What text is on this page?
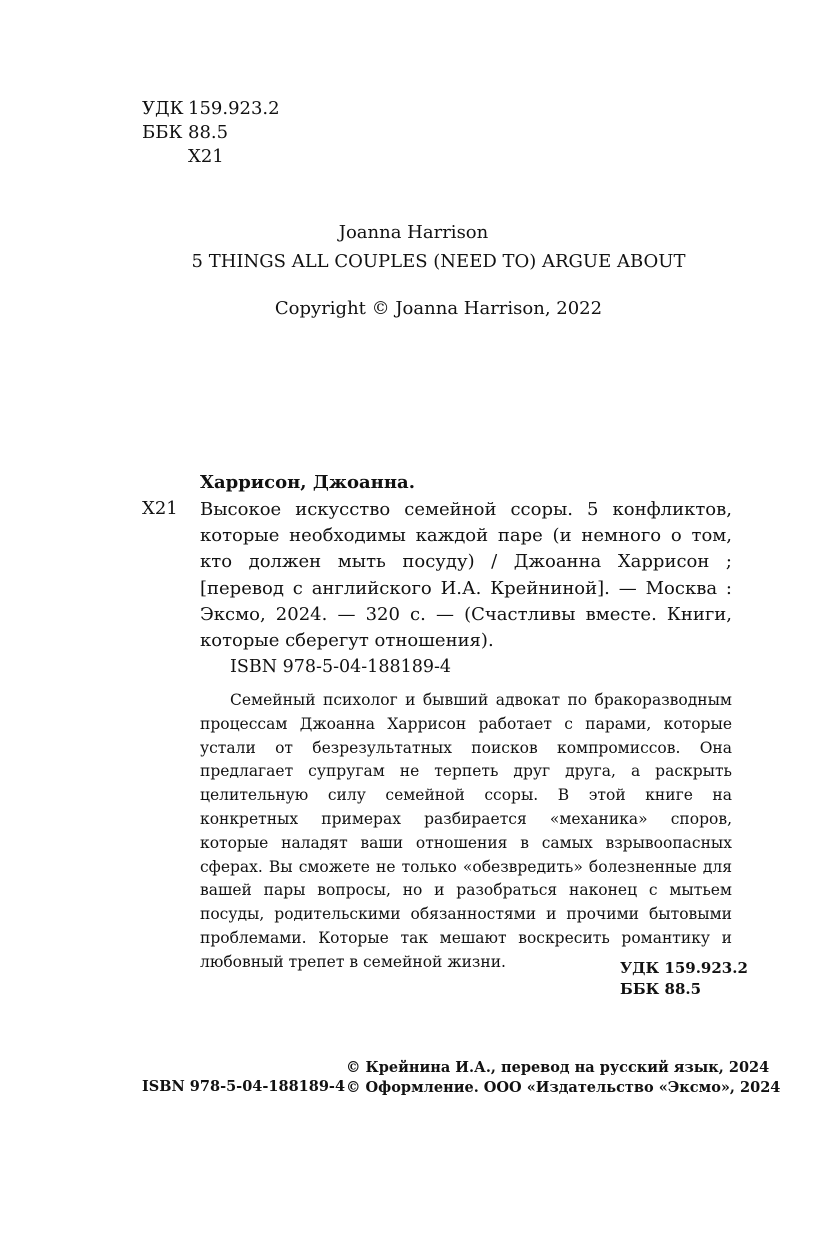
УДК 159.923.2
ББК 88.5
Х21
Joanna Harrison
5 THINGS ALL COUPLES (NEED TO) ARGUE ABOUT
Copyright © Joanna Harrison, 2022
Харрисон, Джоанна.
Х21 Высокое искусство семейной ссоры. 5 конфликтов, которые необходимы каждой паре (и немного о том, кто должен мыть посуду) / Джоанна Харрисон ; [перевод с английского И.А. Крейниной]. — Москва : Эксмо, 2024. — 320 с. — (Счастливы вместе. Книги, которые сберегут отношения).
ISBN 978-5-04-188189-4
Семейный психолог и бывший адвокат по бракоразводным процессам Джоанна Харрисон работает с парами, которые устали от безрезультатных поисков компромиссов. Она предлагает супругам не терпеть друг друга, а раскрыть целительную силу семейной ссоры. В этой книге на конкретных примерах разбирается «механика» споров, которые наладят ваши отношения в самых взрывоопасных сферах. Вы сможете не только «обезвредить» болезненные для вашей пары вопросы, но и разобраться наконец с мытьем посуды, родительскими обязанностями и прочими бытовыми проблемами. Которые так мешают воскресить романтику и любовный трепет в семейной жизни.	УДК 159.923.2
ББК 88.5
ISBN 978-5-04-188189-4
© Крейнина И.А., перевод на русский язык, 2024
© Оформление. ООО «Издательство «Эксмо», 2024
